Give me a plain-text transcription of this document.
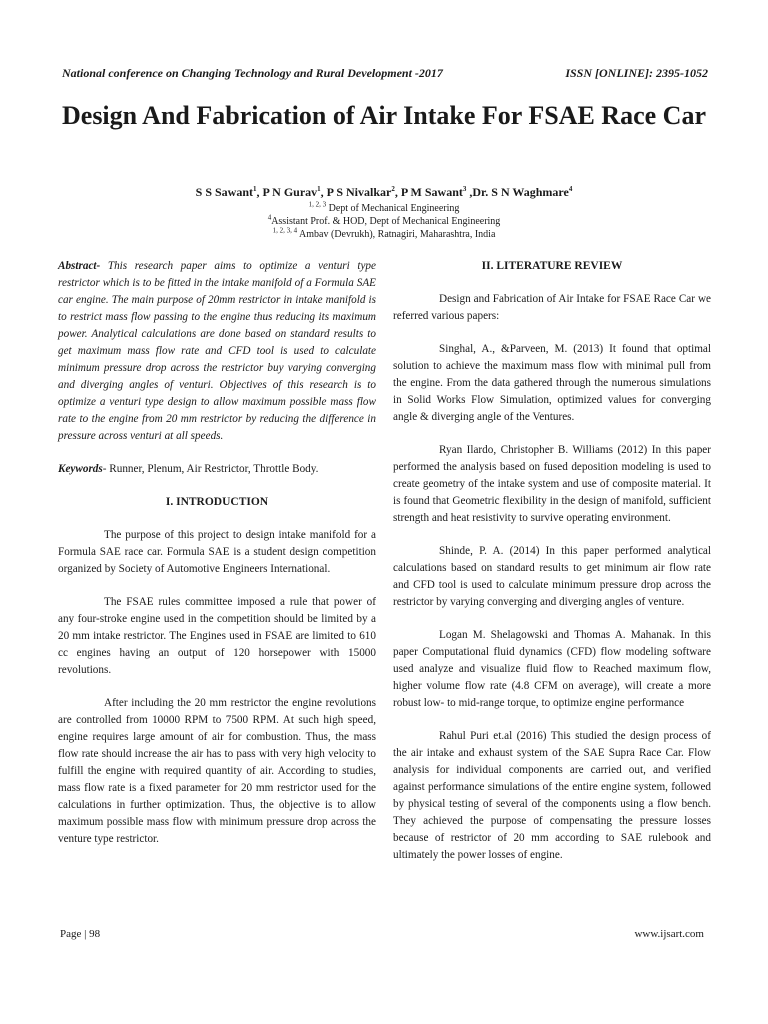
National conference on Changing Technology and Rural Development -2017	ISSN [ONLINE]: 2395-1052
Design And Fabrication of Air Intake For FSAE Race Car
S S Sawant$^1$, P N Gurav$^1$, P S Nivalkar$^2$, P M Sawant$^3$ ,Dr. S N Waghmare$^4$
$^{1, 2, 3}$ Dept of Mechanical Engineering
$^4$Assistant Prof. & HOD, Dept of Mechanical Engineering
$^{1, 2, 3, 4}$ Ambav (Devrukh), Ratnagiri, Maharashtra, India

Abstract- This research paper aims to optimize a venturi type restrictor which is to be fitted in the intake manifold of a Formula SAE car engine. The main purpose of 20mm restrictor in intake manifold is to restrict mass flow passing to the engine thus reducing its maximum power. Analytical calculations are done based on standard results to get maximum mass flow rate and CFD tool is used to calculate minimum pressure drop across the restrictor buy varying converging and diverging angles of venturi. Objectives of this research is to optimize a venturi type design to allow maximum possible mass flow rate to the engine from 20 mm restrictor by reducing the difference in pressure across venturi at all speeds.

Keywords- Runner, Plenum, Air Restrictor, Throttle Body.

I. INTRODUCTION

The purpose of this project to design intake manifold for a Formula SAE race car. Formula SAE is a student design competition organized by Society of Automotive Engineers International.

The FSAE rules committee imposed a rule that power of any four-stroke engine used in the competition should be limited by a 20 mm intake restrictor. The Engines used in FSAE are limited to 610 cc engines having an output of 120 horsepower with 15000 revolutions.

After including the 20 mm restrictor the engine revolutions are controlled from 10000 RPM to 7500 RPM. At such high speed, engine requires large amount of air for combustion. Thus, the mass flow rate should increase the air has to pass with very high velocity to fulfill the engine with required quantity of air. According to studies, mass flow rate is a fixed parameter for 20 mm restrictor used for the calculations in further optimization. Thus, the objective is to allow maximum possible mass flow with minimum pressure drop across the venture type restrictor.

II. LITERATURE REVIEW

Design and Fabrication of Air Intake for FSAE Race Car we referred various papers:

Singhal, A., &Parveen, M. (2013) It found that optimal solution to achieve the maximum mass flow with minimal pull from the engine. From the data gathered through the numerous simulations in Solid Works Flow Simulation, optimized values for converging angle & diverging angle of the Ventures.

Ryan Ilardo, Christopher B. Williams (2012) In this paper performed the analysis based on fused deposition modeling is used to create geometry of the intake system and use of composite material. It is found that Geometric flexibility in the design of manifold, sufficient strength and heat resistivity to survive operating environment.

Shinde, P. A. (2014) In this paper performed analytical calculations based on standard results to get minimum air flow rate and CFD tool is used to calculate minimum pressure drop across the restrictor by varying converging and diverging angles of venture.

Logan M. Shelagowski and Thomas A. Mahanak. In this paper Computational fluid dynamics (CFD) flow modeling software used analyze and visualize fluid flow to Reached maximum flow, higher volume flow rate (4.8 CFM on average), will create a more robust low- to mid-range torque, to optimize engine performance

Rahul Puri et.al (2016) This studied the design process of the air intake and exhaust system of the SAE Supra Race Car. Flow analysis for individual components are carried out, and verified against performance simulations of the entire engine system, followed by physical testing of several of the components using a flow bench. They achieved the purpose of compensating the pressure losses because of restrictor of 20 mm according to SAE rulebook and ultimately the power losses of engine.

Page | 98	www.ijsart.com
